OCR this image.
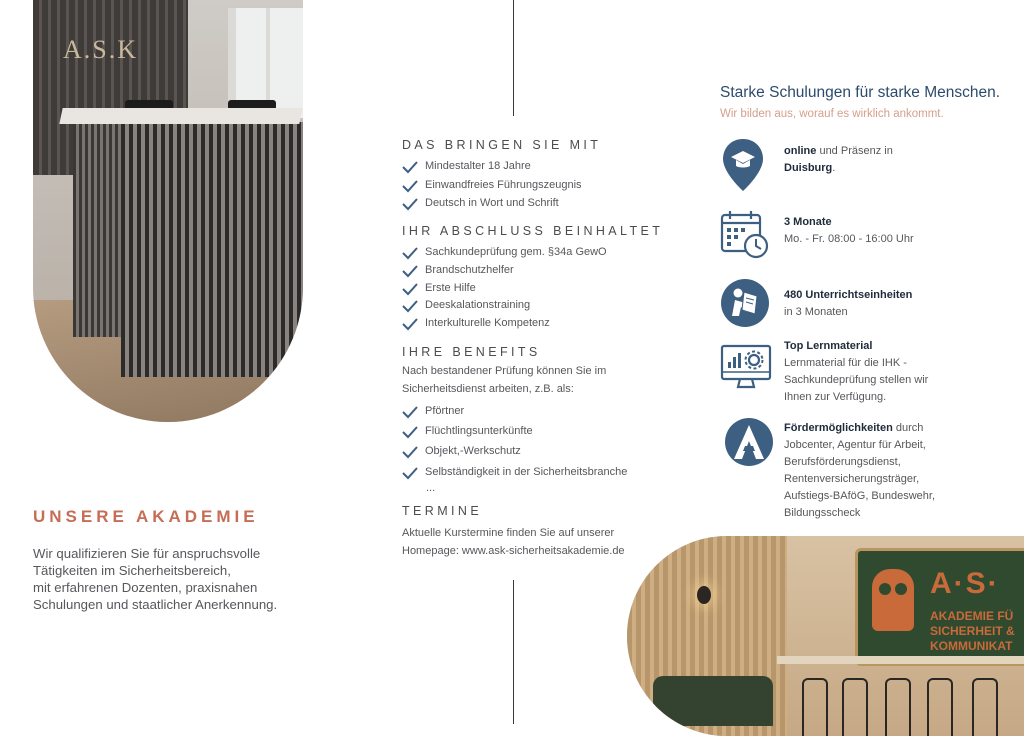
A.S.K
UNSERE AKADEMIE
Wir qualifizieren Sie für anspruchsvolle
Tätigkeiten im Sicherheitsbereich,
mit erfahrenen Dozenten, praxisnahen
Schulungen und staatlicher Anerkennung.
DAS BRINGEN SIE MIT
Mindestalter 18 Jahre
Einwandfreies Führungszeugnis
Deutsch in Wort und Schrift
IHR ABSCHLUSS BEINHALTET
Sachkundeprüfung gem. §34a GewO
Brandschutzhelfer
Erste Hilfe
Deeskalationstraining
Interkulturelle Kompetenz
IHRE BENEFITS
Nach bestandener Prüfung können Sie im
Sicherheitsdienst arbeiten, z.B. als:
Pförtner
Flüchtlingsunterkünfte
Objekt,-Werkschutz
Selbständigkeit in der Sicherheitsbranche
...
TERMINE
Aktuelle Kurstermine finden Sie auf unserer
Homepage: www.ask-sicherheitsakademie.de
Starke Schulungen für starke Menschen.
Wir bilden aus, worauf es wirklich ankommt.
online und Präsenz in
Duisburg.
3 Monate
Mo. - Fr. 08:00 - 16:00 Uhr
480 Unterrichtseinheiten
in 3 Monaten
Top Lernmaterial
Lernmaterial für die IHK -
Sachkundeprüfung stellen wir
Ihnen zur Verfügung.
Fördermöglichkeiten durch
Jobcenter, Agentur für Arbeit,
Berufsförderungsdienst,
Rentenversicherungsträger,
Aufstiegs-BAföG, Bundeswehr,
Bildungsscheck
A·S·
AKADEMIE FÜ
SICHERHEIT &
KOMMUNIKAT
